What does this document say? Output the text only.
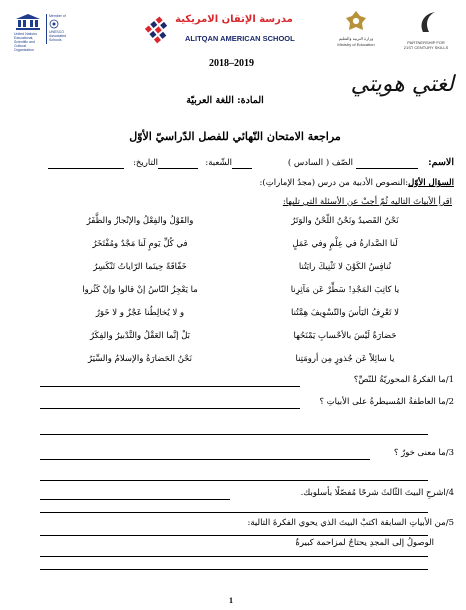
United Nations
Educational, Scientific and
Cultural Organization
Member of
UNESCO
Associated
Schools
مدرسة الإتقان الامريكية
ALITQAN AMERICAN SCHOOL
2018–2019
وزارة التربية والتعليم
Ministry of Education	PARTNERSHIP FOR
21ST CENTURY SKILLS
لغتي هويتي
المادة: اللغة العربيّة
مراجعة الامتحان النّهائي للفصل الدّراسيّ الأوّل
الاسم:
الصّف ( السادس )
الشّعبة:
التاريخ:
السؤال الأوّل:النصوص الأدبية من درس (مجدُ الإماراتِ):
اقرأِ الأبياتَ التاليه ثُمّ أجبْ عن الأسئلة التي تليها:
نَحْنُ القَصيدُ ونَحْنُ اللّحْنُ والوَتَرُ
والقَوْلُ والفِعْلُ والإنْجازُ والظَّفَرُ
لَنا الصَّدارةُ في عِلْمٍ وفي عَمَلٍ
في كُلِّ يَومٍ لَنا مَجْدٌ ومُفْتَخَرُ
نُنافِسُ الكَوْنَ لا تَثْنِيكَ رايَتُنا
خَفّاقَةً حِينَما الرّاياتُ تَنْكَسِرُ
يا كاتِبَ المَجْدِ! سَطِّرْ عَن مَآثِرِنا
ما يَعْجِزُ النّاسُ إنْ قالوا وإنْ كَثُروا
لا تَعْرِفُ اليَأسَ والتّسْوِيفَ هِمَّتُنا
و لا يُخالِطُنا عَجْزٌ و لا خَوَرُ
حَضارَةٌ لَيْسَ بالأحْسابِ يَمْنَحُها
بَلْ إنَّما العَقْلُ والتَّدْبيرُ والفِكَرُ
يا سائِلاً عَن جُذورٍ مِن أرومَتِنا
نَحْنُ الحَضارَةُ والإسلامُ والسِّيَرُ
1/ما الفكرةُ المحوريّةُ للنّصِّ؟
2/ما العاطفةُ المُسيطرةُ على الأبياتِ ؟
3/ما معنى خورٌ ؟
4/اشرحِ البيتَ الثّالثَ شرحًا مُفصّلًا بأسلوبك.
5/من الأبياتِ السابقة اكتبْ البيتَ الذي يحوي الفكرةَ التالية:
الوصولُ إلى المجدِ يحتاجُ لمزاحمة كبيرةٌ
1
